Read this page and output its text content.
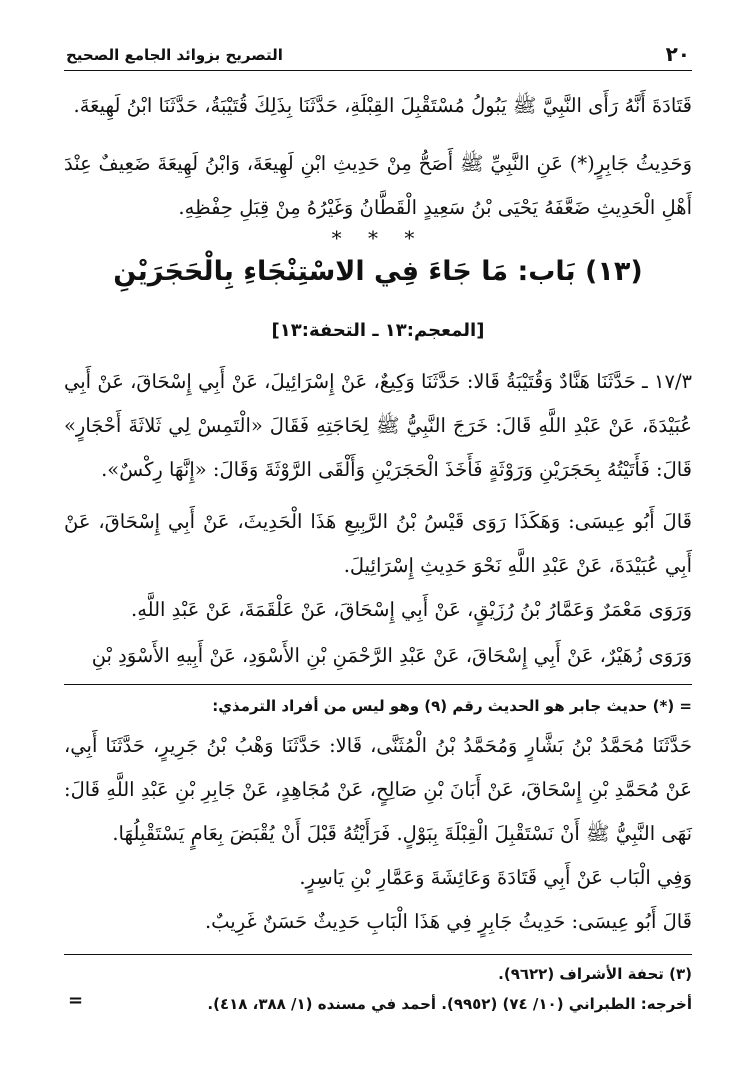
٢٠
التصريح بزوائد الجامع الصحيح

قَتَادَةَ أَنَّهُ رَأَى النَّبِيَّ ﷺ يَبُولُ مُسْتَقْبِلَ القِبْلَةِ، حَدَّثَنَا بِذَلِكَ قُتَيْبَةُ، حَدَّثَنَا ابْنُ لَهِيعَةَ.

وَحَدِيثُ جَابِرٍ(*) عَنِ النَّبِيِّ ﷺ أَصَحُّ مِنْ حَدِيثِ ابْنِ لَهِيعَةَ، وَابْنُ لَهِيعَةَ ضَعِيفٌ عِنْدَ أَهْلِ الْحَدِيثِ ضَعَّفَهُ يَحْيَى بْنُ سَعِيدٍ الْقَطَّانُ وَغَيْرُهُ مِنْ قِبَلِ حِفْظِهِ.

* * *
(١٣) بَاب: مَا جَاءَ فِي الاسْتِنْجَاءِ بِالْحَجَرَيْنِ
[المعجم:١٣ ـ التحفة:١٣]

١٧/٣ ـ حَدَّثَنَا هَنَّادٌ وَقُتَيْبَةُ قَالا: حَدَّثَنَا وَكِيعٌ، عَنْ إِسْرَائِيلَ، عَنْ أَبِي إِسْحَاقَ، عَنْ أَبِي عُبَيْدَةَ، عَنْ عَبْدِ اللَّهِ قَالَ: خَرَجَ النَّبِيُّ ﷺ لِحَاجَتِهِ فَقَالَ «الْتَمِسْ لِي ثَلاثَةَ أَحْجَارٍ» قَالَ: فَأَتَيْتُهُ بِحَجَرَيْنِ وَرَوْثَةٍ فَأَخَذَ الْحَجَرَيْنِ وَأَلْقَى الرَّوْثَةَ وَقَالَ: «إِنَّهَا رِكْسٌ».

قَالَ أَبُو عِيسَى: وَهَكَذَا رَوَى قَيْسُ بْنُ الرَّبِيعِ هَذَا الْحَدِيثَ، عَنْ أَبِي إِسْحَاقَ، عَنْ أَبِي عُبَيْدَةَ، عَنْ عَبْدِ اللَّهِ نَحْوَ حَدِيثِ إِسْرَائِيلَ.

وَرَوَى مَعْمَرٌ وَعَمَّارُ بْنُ رُزَيْقٍ، عَنْ أَبِي إِسْحَاقَ، عَنْ عَلْقَمَةَ، عَنْ عَبْدِ اللَّهِ.

وَرَوَى زُهَيْرٌ، عَنْ أَبِي إِسْحَاقَ، عَنْ عَبْدِ الرَّحْمَنِ بْنِ الأَسْوَدِ، عَنْ أَبِيهِ الأَسْوَدِ بْنِ

= (*) حديث جابر هو الحديث رقم (٩) وهو ليس من أفراد الترمذي:

حَدَّثَنَا مُحَمَّدُ بْنُ بَشَّارٍ وَمُحَمَّدُ بْنُ الْمُثَنَّى، قَالا: حَدَّثَنَا وَهْبُ بْنُ جَرِيرٍ، حَدَّثَنَا أَبِي، عَنْ مُحَمَّدِ بْنِ إِسْحَاقَ، عَنْ أَبَانَ بْنِ صَالِحٍ، عَنْ مُجَاهِدٍ، عَنْ جَابِرِ بْنِ عَبْدِ اللَّهِ قَالَ: نَهَى النَّبِيُّ ﷺ أَنْ نَسْتَقْبِلَ الْقِبْلَةَ بِبَوْلٍ. فَرَأَيْتُهُ قَبْلَ أَنْ يُقْبَضَ بِعَامٍ يَسْتَقْبِلُهَا.

وَفِي الْبَاب عَنْ أَبِي قَتَادَةَ وَعَائِشَةَ وَعَمَّارِ بْنِ يَاسِرٍ.

قَالَ أَبُو عِيسَى: حَدِيثُ جَابِرٍ فِي هَذَا الْبَابِ حَدِيثٌ حَسَنٌ غَرِيبٌ.

(٣) تحفة الأشراف (٩٦٢٢).
أخرجه: الطبراني (١٠/ ٧٤) (٩٩٥٢). أحمد في مسنده (١/ ٣٨٨، ٤١٨).
=
